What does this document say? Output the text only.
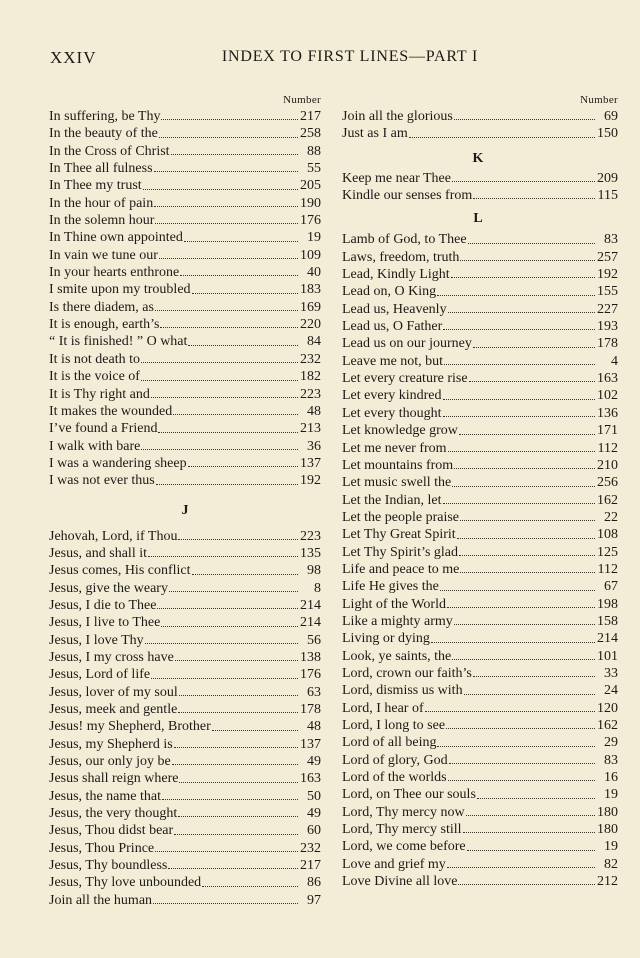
XXIV	INDEX TO FIRST LINES—PART I
Number
In suffering, be Thy	217
In the beauty of the	258
In the Cross of Christ	88
In Thee all fulness	55
In Thee my trust	205
In the hour of pain	190
In the solemn hour	176
In Thine own appointed	19
In vain we tune our	109
In your hearts enthrone	40
I smite upon my troubled	183
Is there diadem, as	169
It is enough, earth’s	220
“ It is finished! ” O what	84
It is not death to	232
It is the voice of	182
It is Thy right and	223
It makes the wounded	48
I’ve found a Friend	213
I walk with bare	36
I was a wandering sheep	137
I was not ever thus	192
J
Jehovah, Lord, if Thou	223
Jesus, and shall it	135
Jesus comes, His conflict	98
Jesus, give the weary	8
Jesus, I die to Thee	214
Jesus, I live to Thee	214
Jesus, I love Thy	56
Jesus, I my cross have	138
Jesus, Lord of life	176
Jesus, lover of my soul	63
Jesus, meek and gentle	178
Jesus! my Shepherd, Brother	48
Jesus, my Shepherd is	137
Jesus, our only joy be	49
Jesus shall reign where	163
Jesus, the name that	50
Jesus, the very thought	49
Jesus, Thou didst bear	60
Jesus, Thou Prince	232
Jesus, Thy boundless	217
Jesus, Thy love unbounded	86
Join all the human	97
Number
Join all the glorious	69
Just as I am	150
K
Keep me near Thee	209
Kindle our senses from	115
L
Lamb of God, to Thee	83
Laws, freedom, truth	257
Lead, Kindly Light	192
Lead on, O King	155
Lead us, Heavenly	227
Lead us, O Father	193
Lead us on our journey	178
Leave me not, but	4
Let every creature rise	163
Let every kindred	102
Let every thought	136
Let knowledge grow	171
Let me never from	112
Let mountains from	210
Let music swell the	256
Let the Indian, let	162
Let the people praise	22
Let Thy Great Spirit	108
Let Thy Spirit’s glad	125
Life and peace to me	112
Life He gives the	67
Light of the World	198
Like a mighty army	158
Living or dying	214
Look, ye saints, the	101
Lord, crown our faith’s	33
Lord, dismiss us with	24
Lord, I hear of	120
Lord, I long to see	162
Lord of all being	29
Lord of glory, God	83
Lord of the worlds	16
Lord, on Thee our souls	19
Lord, Thy mercy now	180
Lord, Thy mercy still	180
Lord, we come before	19
Love and grief my	82
Love Divine all love	212
